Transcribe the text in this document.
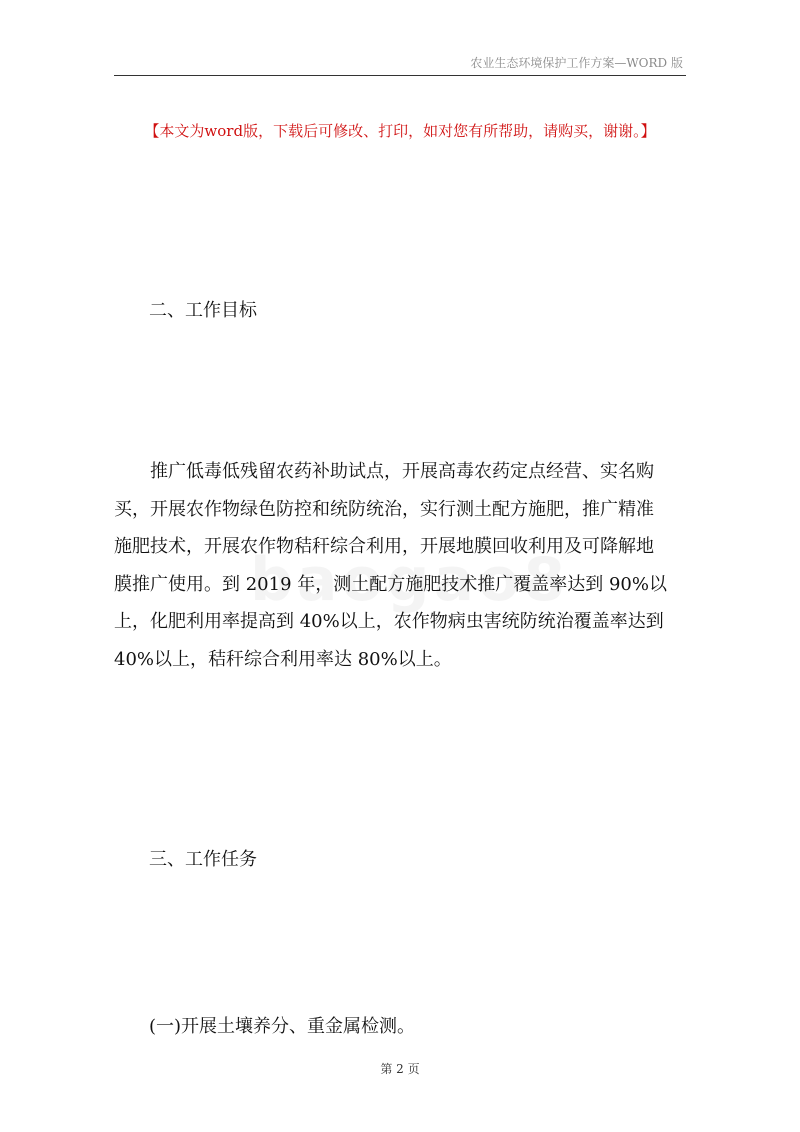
农业生态环境保护工作方案—WORD 版
【本文为word版，下载后可修改、打印，如对您有所帮助，请购买，谢谢。】
二、工作目标
推广低毒低残留农药补助试点，开展高毒农药定点经营、实名购
买，开展农作物绿色防控和统防统治，实行测土配方施肥，推广精准
施肥技术，开展农作物秸秆综合利用，开展地膜回收利用及可降解地
膜推广使用。到 2019 年，测土配方施肥技术推广覆盖率达到 90%以
上，化肥利用率提高到 40%以上，农作物病虫害统防统治覆盖率达到
40%以上，秸秆综合利用率达 80%以上。
三、工作任务
(一)开展土壤养分、重金属检测。
第 2 页
